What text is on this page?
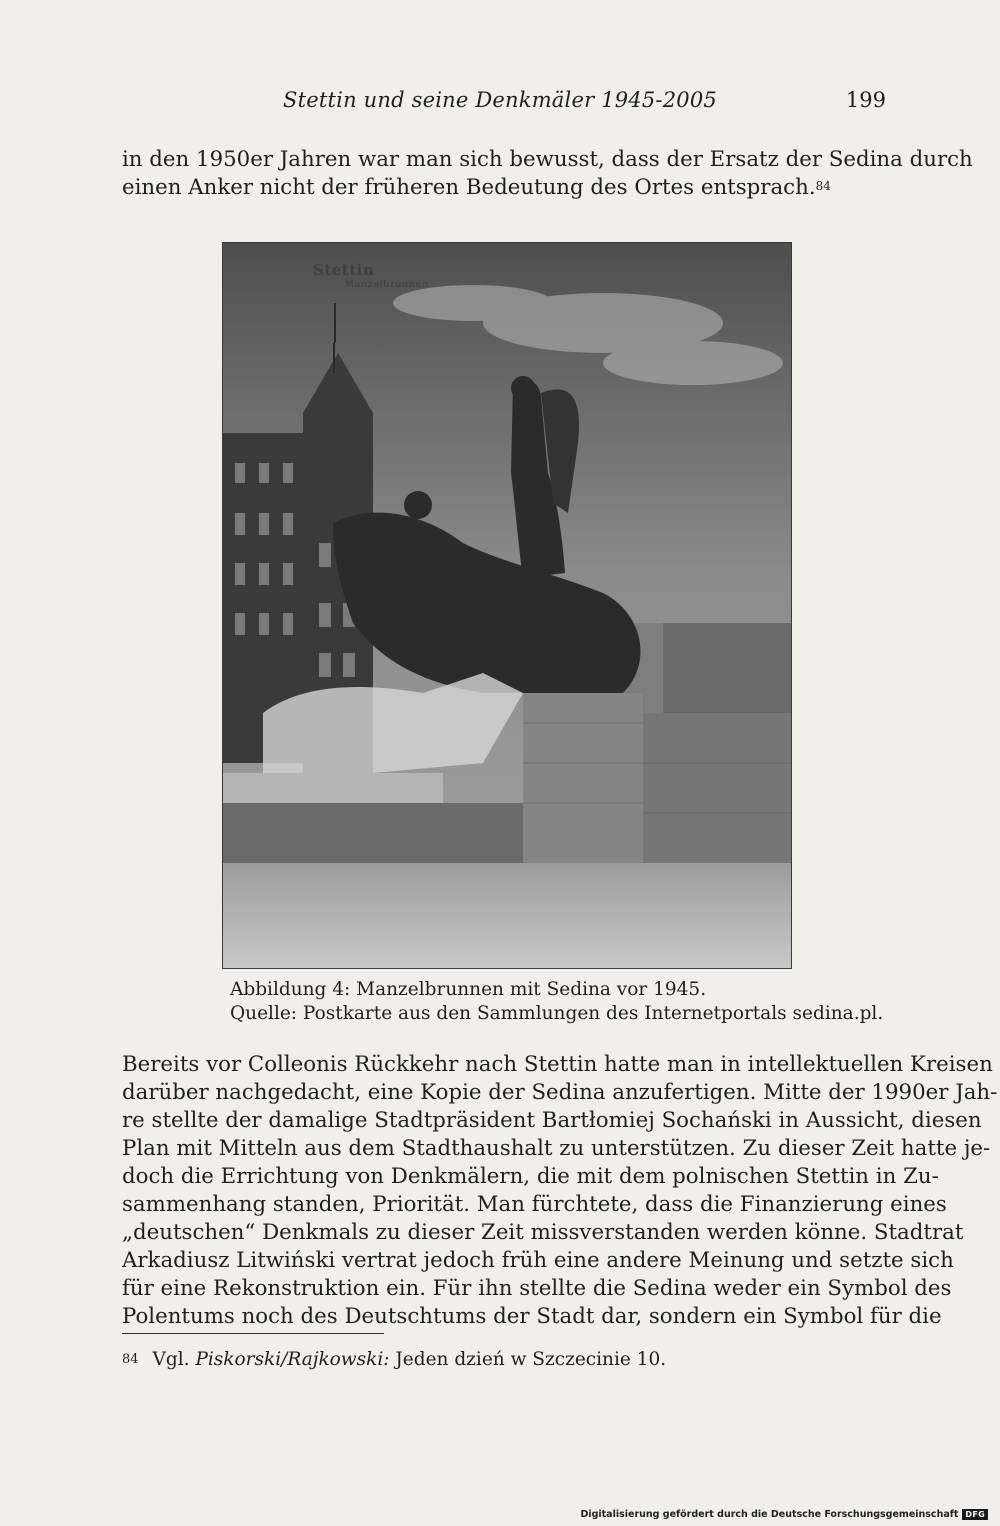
Stettin und seine Denkmäler 1945-2005	199
in den 1950er Jahren war man sich bewusst, dass der Ersatz der Sedina durch
einen Anker nicht der früheren Bedeutung des Ortes entsprach.$^{84}$
Stettin
Manzelbrunnen
Abbildung 4: Manzelbrunnen mit Sedina vor 1945.
Quelle: Postkarte aus den Sammlungen des Internetportals sedina.pl.
Bereits vor Colleonis Rückkehr nach Stettin hatte man in intellektuellen Kreisen
darüber nachgedacht, eine Kopie der Sedina anzufertigen. Mitte der 1990er Jah-
re stellte der damalige Stadtpräsident Bartłomiej Sochański in Aussicht, diesen
Plan mit Mitteln aus dem Stadthaushalt zu unterstützen. Zu dieser Zeit hatte je-
doch die Errichtung von Denkmälern, die mit dem polnischen Stettin in Zu-
sammenhang standen, Priorität. Man fürchtete, dass die Finanzierung eines
„deutschen“ Denkmals zu dieser Zeit missverstanden werden könne. Stadtrat
Arkadiusz Litwiński vertrat jedoch früh eine andere Meinung und setzte sich
für eine Rekonstruktion ein. Für ihn stellte die Sedina weder ein Symbol des
Polentums noch des Deutschtums der Stadt dar, sondern ein Symbol für die
$^{84}$ Vgl. Piskorski/Rajkowski: Jeden dzień w Szczecinie 10.
Digitalisierung gefördert durch die Deutsche Forschungsgemeinschaft DFG
